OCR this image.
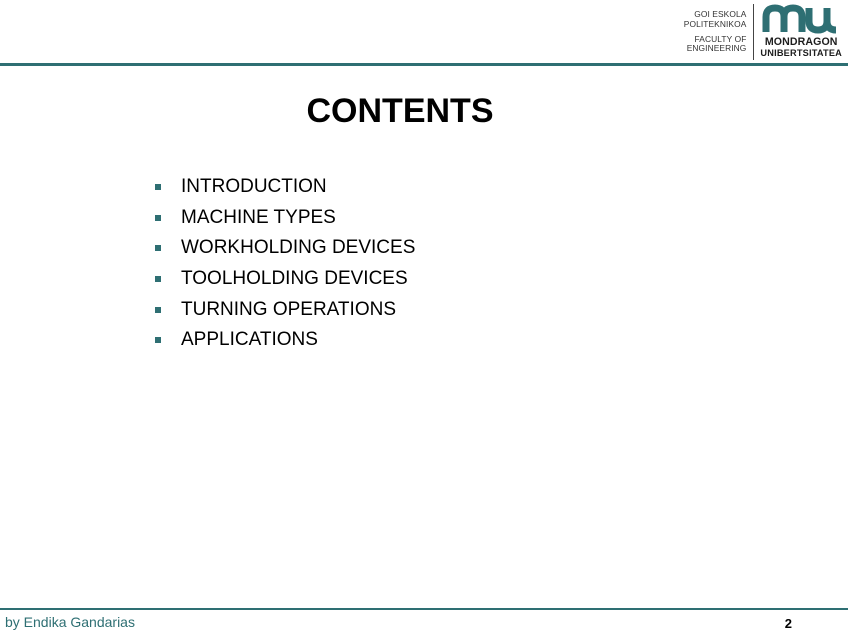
GOI ESKOLA
POLITEKNIKOA
FACULTY OF
ENGINEERING
MONDRAGON
UNIBERTSITATEA
CONTENTS
INTRODUCTION
MACHINE TYPES
WORKHOLDING DEVICES
TOOLHOLDING DEVICES
TURNING OPERATIONS
APPLICATIONS
by Endika Gandarias	2
